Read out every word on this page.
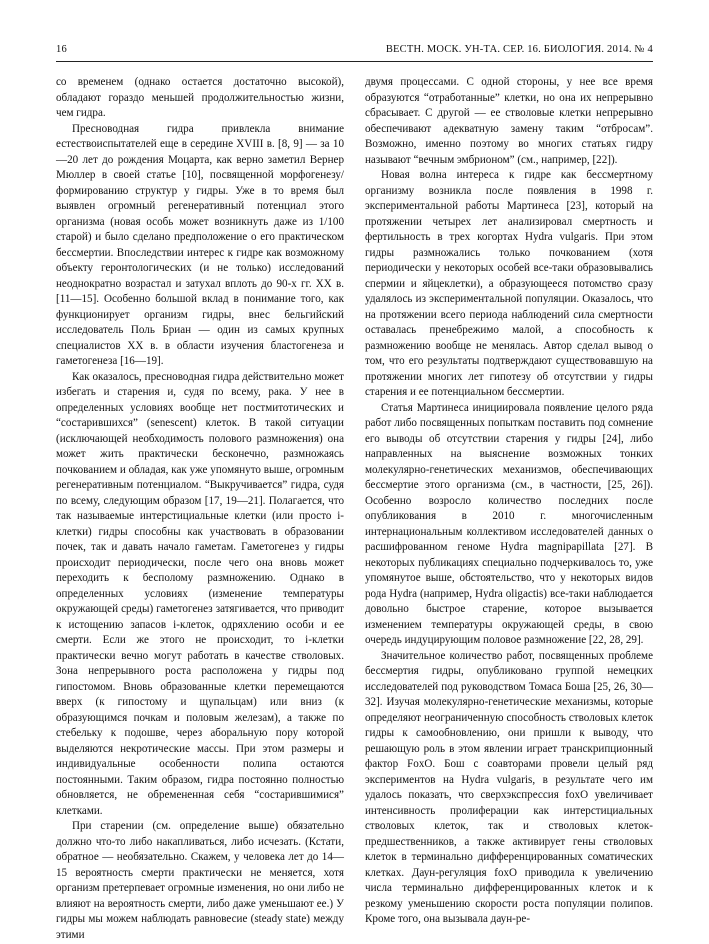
16	ВЕСТН. МОСК. УН-ТА. СЕР. 16. БИОЛОГИЯ. 2014. № 4

со временем (однако остается достаточно высокой), обладают гораздо меньшей продолжительностью жизни, чем гидра.

Пресноводная гидра привлекла внимание естествоиспытателей еще в середине XVIII в. [8, 9] — за 10—20 лет до рождения Моцарта, как верно заметил Вернер Мюллер в своей статье [10], посвященной морфогенезу/формированию структур у гидры. Уже в то время был выявлен огромный регенеративный потенциал этого организма (новая особь может возникнуть даже из 1/100 старой) и было сделано предположение о его практическом бессмертии. Впоследствии интерес к гидре как возможному объекту геронтологических (и не только) исследований неоднократно возрастал и затухал вплоть до 90-х гг. XX в. [11—15]. Особенно большой вклад в понимание того, как функционирует организм гидры, внес бельгийский исследователь Поль Бриан — один из самых крупных специалистов XX в. в области изучения бластогенеза и гаметогенеза [16—19].

Как оказалось, пресноводная гидра действительно может избегать и старения и, судя по всему, рака. У нее в определенных условиях вообще нет постмитотических и “состарившихся” (senescent) клеток. В такой ситуации (исключающей необходимость полового размножения) она может жить практически бесконечно, размножаясь почкованием и обладая, как уже упомянуто выше, огромным регенеративным потенциалом. “Выкручивается” гидра, судя по всему, следующим образом [17, 19—21]. Полагается, что так называемые интерстициальные клетки (или просто i-клетки) гидры способны как участвовать в образовании почек, так и давать начало гаметам. Гаметогенез у гидры происходит периодически, после чего она вновь может переходить к бесполому размножению. Однако в определенных условиях (изменение температуры окружающей среды) гаметогенез затягивается, что приводит к истощению запасов i-клеток, одряхлению особи и ее смерти. Если же этого не происходит, то i-клетки практически вечно могут работать в качестве стволовых. Зона непрерывного роста расположена у гидры под гипостомом. Вновь образованные клетки перемещаются вверх (к гипостому и щупальцам) или вниз (к образующимся почкам и половым железам), а также по стебельку к подошве, через аборальную пору которой выделяются некротические массы. При этом размеры и индивидуальные особенности полипа остаются постоянными. Таким образом, гидра постоянно полностью обновляется, не обремененная себя “состарившимися” клетками.

При старении (см. определение выше) обязательно должно что-то либо накапливаться, либо исчезать. (Кстати, обратное — необязательно. Скажем, у человека лет до 14—15 вероятность смерти практически не меняется, хотя организм претерпевает огромные изменения, но они либо не влияют на вероятность смерти, либо даже уменьшают ее.) У гидры мы можем наблюдать равновесие (steady state) между этими

двумя процессами. С одной стороны, у нее все время образуются “отработанные” клетки, но она их непрерывно сбрасывает. С другой — ее стволовые клетки непрерывно обеспечивают адекватную замену таким “отбросам”. Возможно, именно поэтому во многих статьях гидру называют “вечным эмбрионом” (см., например, [22]).

Новая волна интереса к гидре как бессмертному организму возникла после появления в 1998 г. экспериментальной работы Мартинеса [23], который на протяжении четырех лет анализировал смертность и фертильность в трех когортах Hydra vulgaris. При этом гидры размножались только почкованием (хотя периодически у некоторых особей все-таки образовывались спермии и яйцеклетки), а образующееся потомство сразу удалялось из экспериментальной популяции. Оказалось, что на протяжении всего периода наблюдений сила смертности оставалась пренебрежимо малой, а способность к размножению вообще не менялась. Автор сделал вывод о том, что его результаты подтверждают существовавшую на протяжении многих лет гипотезу об отсутствии у гидры старения и ее потенциальном бессмертии.

Статья Мартинеса инициировала появление целого ряда работ либо посвященных попыткам поставить под сомнение его выводы об отсутствии старения у гидры [24], либо направленных на выяснение возможных тонких молекулярно-генетических механизмов, обеспечивающих бессмертие этого организма (см., в частности, [25, 26]). Особенно возросло количество последних после опубликования в 2010 г. многочисленным интернациональным коллективом исследователей данных о расшифрованном геноме Hydra magnipapillata [27]. В некоторых публикациях специально подчеркивалось то, уже упомянутое выше, обстоятельство, что у некоторых видов рода Hydra (например, Hydra oligactis) все-таки наблюдается довольно быстрое старение, которое вызывается изменением температуры окружающей среды, в свою очередь индуцирующим половое размножение [22, 28, 29].

Значительное количество работ, посвященных проблеме бессмертия гидры, опубликовано группой немецких исследователей под руководством Томаса Боша [25, 26, 30—32]. Изучая молекулярно-генетические механизмы, которые определяют неограниченную способность стволовых клеток гидры к самообновлению, они пришли к выводу, что решающую роль в этом явлении играет транскрипционный фактор FoxO. Бош с соавторами провели целый ряд экспериментов на Hydra vulgaris, в результате чего им удалось показать, что сверхэкспрессия foxO увеличивает интенсивность пролиферации как интерстициальных стволовых клеток, так и стволовых клеток-предшественников, а также активирует гены стволовых клеток в терминально дифференцированных соматических клетках. Даун-регуляция foxO приводила к увеличению числа терминально дифференцированных клеток и к резкому уменьшению скорости роста популяции полипов. Кроме того, она вызывала даун-ре-
